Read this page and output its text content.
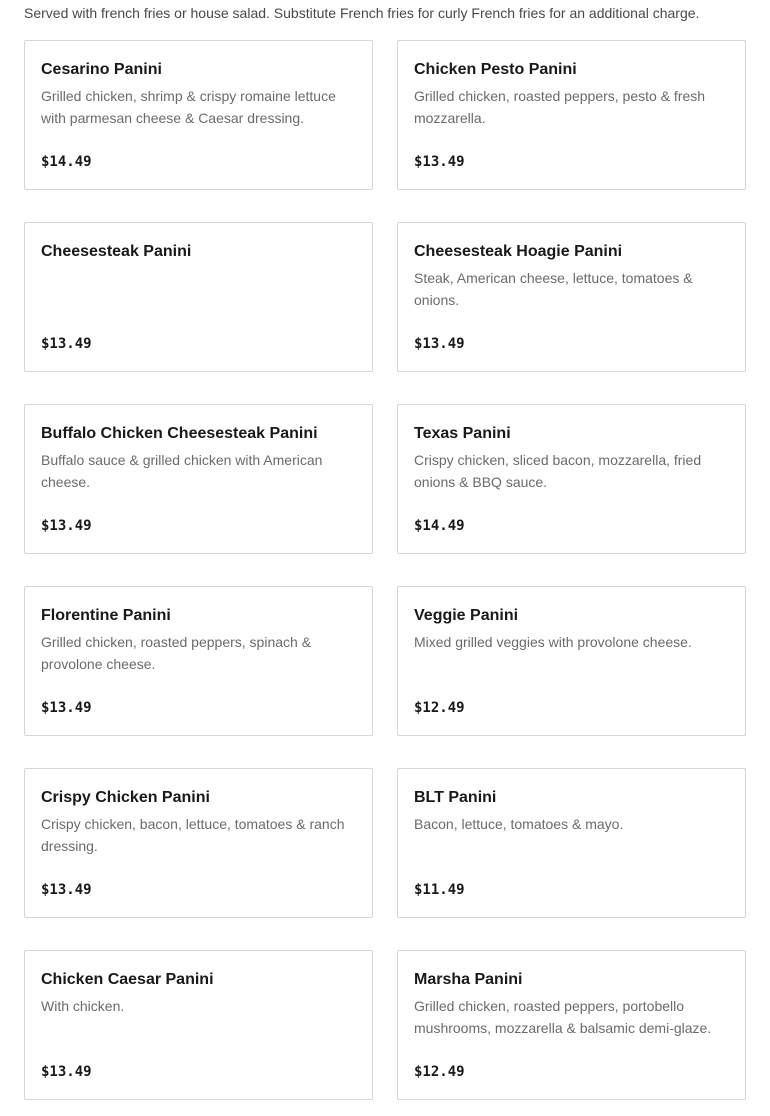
Served with french fries or house salad. Substitute French fries for curly French fries for an additional charge.
Cesarino Panini
Grilled chicken, shrimp & crispy romaine lettuce with parmesan cheese & Caesar dressing.
$14.49
Chicken Pesto Panini
Grilled chicken, roasted peppers, pesto & fresh mozzarella.
$13.49
Cheesesteak Panini
$13.49
Cheesesteak Hoagie Panini
Steak, American cheese, lettuce, tomatoes & onions.
$13.49
Buffalo Chicken Cheesesteak Panini
Buffalo sauce & grilled chicken with American cheese.
$13.49
Texas Panini
Crispy chicken, sliced bacon, mozzarella, fried onions & BBQ sauce.
$14.49
Florentine Panini
Grilled chicken, roasted peppers, spinach & provolone cheese.
$13.49
Veggie Panini
Mixed grilled veggies with provolone cheese.
$12.49
Crispy Chicken Panini
Crispy chicken, bacon, lettuce, tomatoes & ranch dressing.
$13.49
BLT Panini
Bacon, lettuce, tomatoes & mayo.
$11.49
Chicken Caesar Panini
With chicken.
$13.49
Marsha Panini
Grilled chicken, roasted peppers, portobello mushrooms, mozzarella & balsamic demi-glaze.
$12.49
